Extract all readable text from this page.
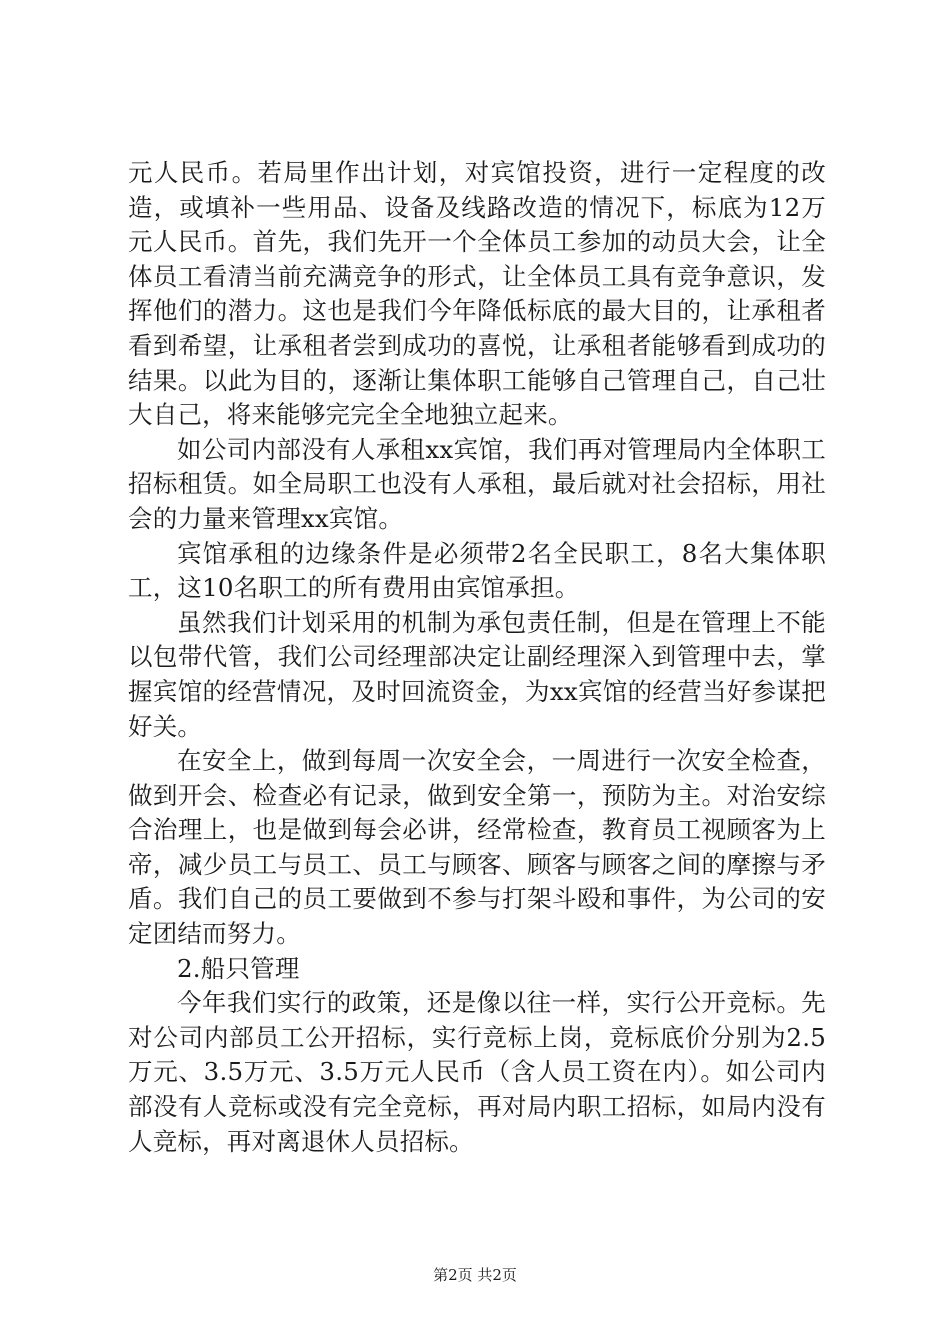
元人民币。若局里作出计划，对宾馆投资，进行一定程度的改造，或填补一些用品、设备及线路改造的情况下，标底为12万元人民币。首先，我们先开一个全体员工参加的动员大会，让全体员工看清当前充满竞争的形式，让全体员工具有竞争意识，发挥他们的潜力。这也是我们今年降低标底的最大目的，让承租者看到希望，让承租者尝到成功的喜悦，让承租者能够看到成功的结果。以此为目的，逐渐让集体职工能够自己管理自己，自己壮大自己，将来能够完完全全地独立起来。

如公司内部没有人承租xx宾馆，我们再对管理局内全体职工招标租赁。如全局职工也没有人承租，最后就对社会招标，用社会的力量来管理xx宾馆。

宾馆承租的边缘条件是必须带2名全民职工，8名大集体职工，这10名职工的所有费用由宾馆承担。

虽然我们计划采用的机制为承包责任制，但是在管理上不能以包带代管，我们公司经理部决定让副经理深入到管理中去，掌握宾馆的经营情况，及时回流资金，为xx宾馆的经营当好参谋把好关。

在安全上，做到每周一次安全会，一周进行一次安全检查，做到开会、检查必有记录，做到安全第一，预防为主。对治安综合治理上，也是做到每会必讲，经常检查，教育员工视顾客为上帝，减少员工与员工、员工与顾客、顾客与顾客之间的摩擦与矛盾。我们自己的员工要做到不参与打架斗殴和事件，为公司的安定团结而努力。

2.船只管理

今年我们实行的政策，还是像以往一样，实行公开竞标。先对公司内部员工公开招标，实行竞标上岗，竞标底价分别为2.5万元、3.5万元、3.5万元人民币（含人员工资在内）。如公司内部没有人竞标或没有完全竞标，再对局内职工招标，如局内没有人竞标，再对离退休人员招标。

第2页 共2页
